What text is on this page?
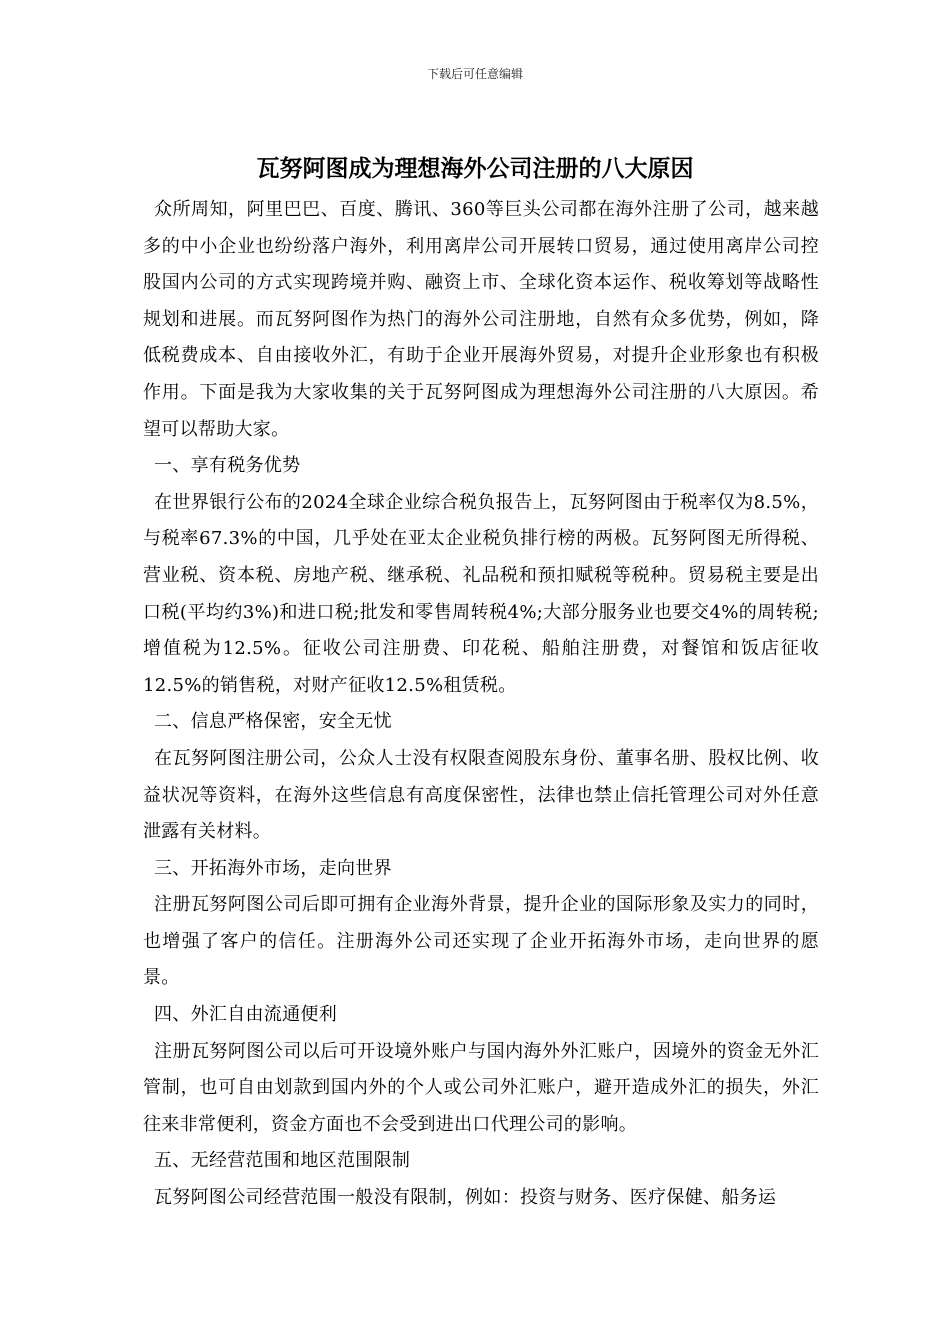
下载后可任意编辑
瓦努阿图成为理想海外公司注册的八大原因

众所周知，阿里巴巴、百度、腾讯、360等巨头公司都在海外注册了公司，越来越多的中小企业也纷纷落户海外，利用离岸公司开展转口贸易，通过使用离岸公司控股国内公司的方式实现跨境并购、融资上市、全球化资本运作、税收筹划等战略性规划和进展。而瓦努阿图作为热门的海外公司注册地，自然有众多优势，例如，降低税费成本、自由接收外汇，有助于企业开展海外贸易，对提升企业形象也有积极作用。下面是我为大家收集的关于瓦努阿图成为理想海外公司注册的八大原因。希望可以帮助大家。

一、享有税务优势

在世界银行公布的2024全球企业综合税负报告上，瓦努阿图由于税率仅为8.5%，与税率67.3%的中国，几乎处在亚太企业税负排行榜的两极。瓦努阿图无所得税、营业税、资本税、房地产税、继承税、礼品税和预扣赋税等税种。贸易税主要是出口税(平均约3%)和进口税;批发和零售周转税4%;大部分服务业也要交4%的周转税;增值税为12.5%。征收公司注册费、印花税、船舶注册费，对餐馆和饭店征收12.5%的销售税，对财产征收12.5%租赁税。

二、信息严格保密，安全无忧

在瓦努阿图注册公司，公众人士没有权限查阅股东身份、董事名册、股权比例、收益状况等资料，在海外这些信息有高度保密性，法律也禁止信托管理公司对外任意泄露有关材料。

三、开拓海外市场，走向世界

注册瓦努阿图公司后即可拥有企业海外背景，提升企业的国际形象及实力的同时，也增强了客户的信任。注册海外公司还实现了企业开拓海外市场，走向世界的愿景。

四、外汇自由流通便利

注册瓦努阿图公司以后可开设境外账户与国内海外外汇账户，因境外的资金无外汇管制，也可自由划款到国内外的个人或公司外汇账户，避开造成外汇的损失，外汇往来非常便利，资金方面也不会受到进出口代理公司的影响。

五、无经营范围和地区范围限制

瓦努阿图公司经营范围一般没有限制，例如：投资与财务、医疗保健、船务运
